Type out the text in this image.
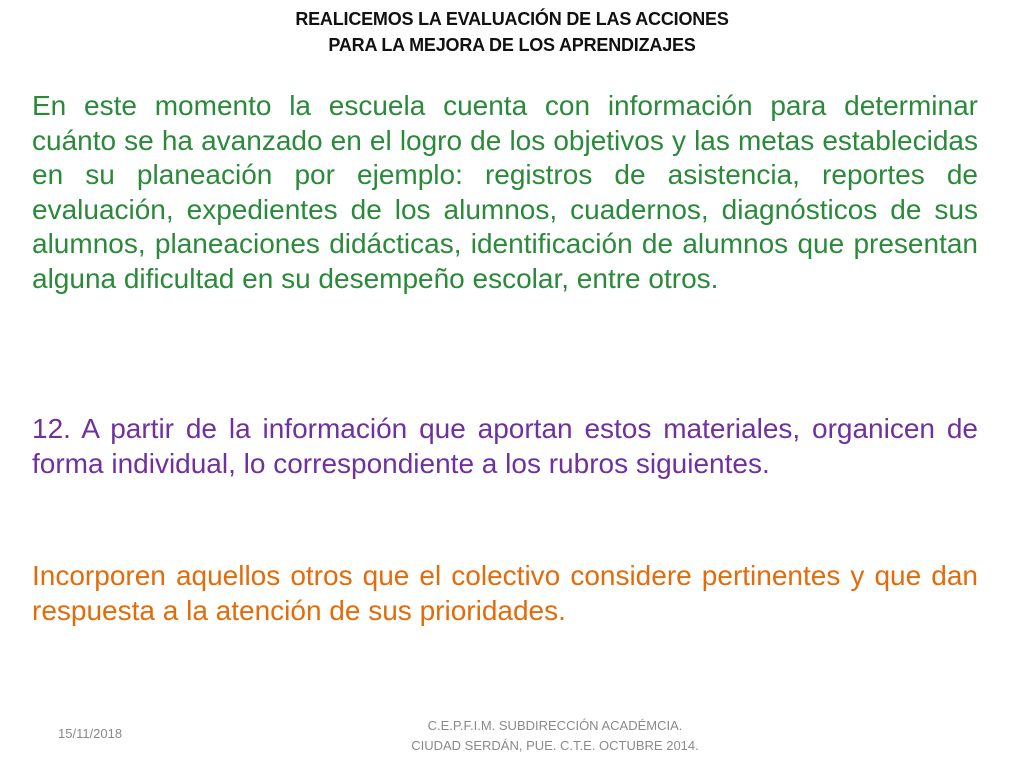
REALICEMOS LA EVALUACIÓN DE LAS ACCIONES
PARA LA MEJORA DE LOS APRENDIZAJES
En este momento la escuela cuenta con información para determinar cuánto se ha avanzado en el logro de los objetivos y las metas establecidas en su planeación por ejemplo: registros de asistencia, reportes de evaluación, expedientes de los alumnos, cuadernos, diagnósticos de sus alumnos, planeaciones didácticas, identificación de alumnos que presentan alguna dificultad en su desempeño escolar, entre otros.
12. A partir de la información que aportan estos materiales, organicen de forma individual, lo correspondiente a los rubros siguientes.
Incorporen aquellos otros que el colectivo considere pertinentes y que dan respuesta a la atención de sus prioridades.
15/11/2018
C.E.P.F.I.M. SUBDIRECCIÓN ACADÉMCIA.
CIUDAD SERDÁN, PUE. C.T.E. OCTUBRE 2014.
